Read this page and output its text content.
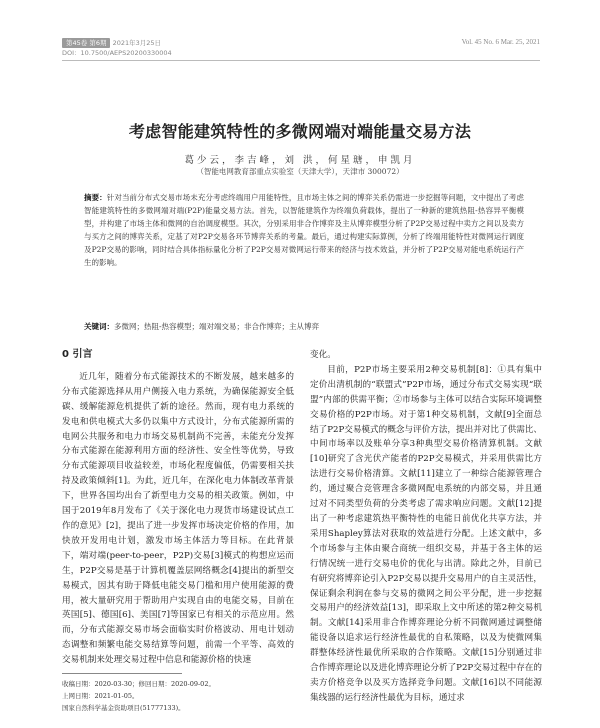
第45卷 第6期 2021年3月25日
DOI：10.7500/AEPS20200330004
Vol. 45 No. 6 Mar. 25, 2021
考虑智能建筑特性的多微网端对端能量交易方法
葛少云，李吉峰，刘 洪，何星瑭，申凯月
（智能电网教育部重点实验室（天津大学），天津市 300072）
摘要：针对当前分布式交易市场未充分考虑终端用户用能特性，且市场主体之间的博弈关系仍需进一步挖掘等问题，文中提出了考虑智能建筑特性的多微网端对端(P2P)能量交易方法。首先，以智能建筑作为终端负荷载体，提出了一种新的建筑热阻-热容异平衡模型，并构建了市场主体和微网的自治调度模型。其次，分别采用非合作博弈及主从博弈模型分析了P2P交易过程中卖方之间以及卖方与买方之间的博弈关系，定基了对P2P交易各环节博弈关系的考量。最后，通过构建实际算例，分析了终端用能特性对微网运行调度及P2P交易的影响，同时结合具体指标量化分析了P2P交易对微网运行带来的经济与技术效益，并分析了P2P交易对能电系统运行产生的影响。
关键词：多微网；热阻-热容模型；端对端交易；非合作博弈；主从博弈
0 引言

近几年，随着分布式能源技术的不断发展，越来越多的分布式能源选择从用户侧接入电力系统，为确保能源安全低碳、缓解能源危机提供了新的途径。然而，现有电力系统的发电和供电模式大多仍以集中方式设计，分布式能源所需的电网公共服务和电力市场交易机制尚不完善，未能充分发挥分布式能源在能源利用方面的经济性、安全性等优势，导致分布式能源项目收益较差，市场化程度偏低，仍需要相关扶持及政策倾斜[1]。为此，近几年，在深化电力体制改革背景下，世界各国均出台了新型电力交易的相关政策。例如，中国于2019年8月发布了《关于深化电力现货市场建设试点工作的意见》[2]，提出了进一步发挥市场决定价格的作用，加快放开发用电计划，激发市场主体活力等目标。在此背景下，端对端(peer-to-peer，P2P)交易[3]模式的构想应运而生，P2P交易是基于计算机覆盖层网络概念[4]提出的新型交易模式，因其有助于降低电能交易门槛和用户使用能源的费用，被大量研究用于帮助用户实现自由的电能交易，目前在英国[5]、德国[6]、美国[7]等国家已有相关的示范应用。然而，分布式能源交易市场会面临实时价格波动、用电计划动态调整和频繁电能交易结算等问题，前需一个平等、高效的交易机制来处理交易过程中信息和能源价格的快速

变化。

目前，P2P市场主要采用2种交易机制[8]：①具有集中定价出清机制的“联盟式”P2P市场，通过分布式交易实现“联盟”内部的供需平衡；②市场参与主体可以结合实际环境调整交易价格的P2P市场。对于第1种交易机制，文献[9]全面总结了P2P交易模式的概念与评价方法，提出并对比了供需比、中间市场率以及账单分享3种典型交易价格清算机制。文献[10]研究了含光伏产能者的P2P交易模式，并采用供需比方法进行交易价格清算。文献[11]建立了一种综合能源管理合约，通过聚合竞管理含多微网配电系统的内部交易，并且通过对不同类型负荷的分类考虑了需求响应问题。文献[12]提出了一种考虑建筑热平衡特性的电能日前优化共享方法，并采用Shapley算法对获取的效益进行分配。上述文献中，多个市场参与主体由聚合商统一组织交易，并基于各主体的运行情况统一进行交易电价的优化与出清。除此之外，目前已有研究将博弈论引入P2P交易以提升交易用户的自主灵活性，保证剩余利润在参与交易的微网之间公平分配，进一步挖掘交易用户的经济效益[13]，即采取上文中所述的第2种交易机制。文献[14]采用非合作博弈理论分析不同微网通过调整储能设备以追求运行经济性最优的自私策略，以及为使微网集群整体经济性最优所采取的合作策略。文献[15]分别通过非合作博弈理论以及进化博弈理论分析了P2P交易过程中存在的卖方价格竞争以及买方选择竞争问题。文献[16]以不同能源集线器的运行经济性最优为目标，通过求

收稿日期：2020-03-30；修回日期：2020-09-02。
上网日期：2021-01-05。
国家自然科学基金资助项目(51777133)。
